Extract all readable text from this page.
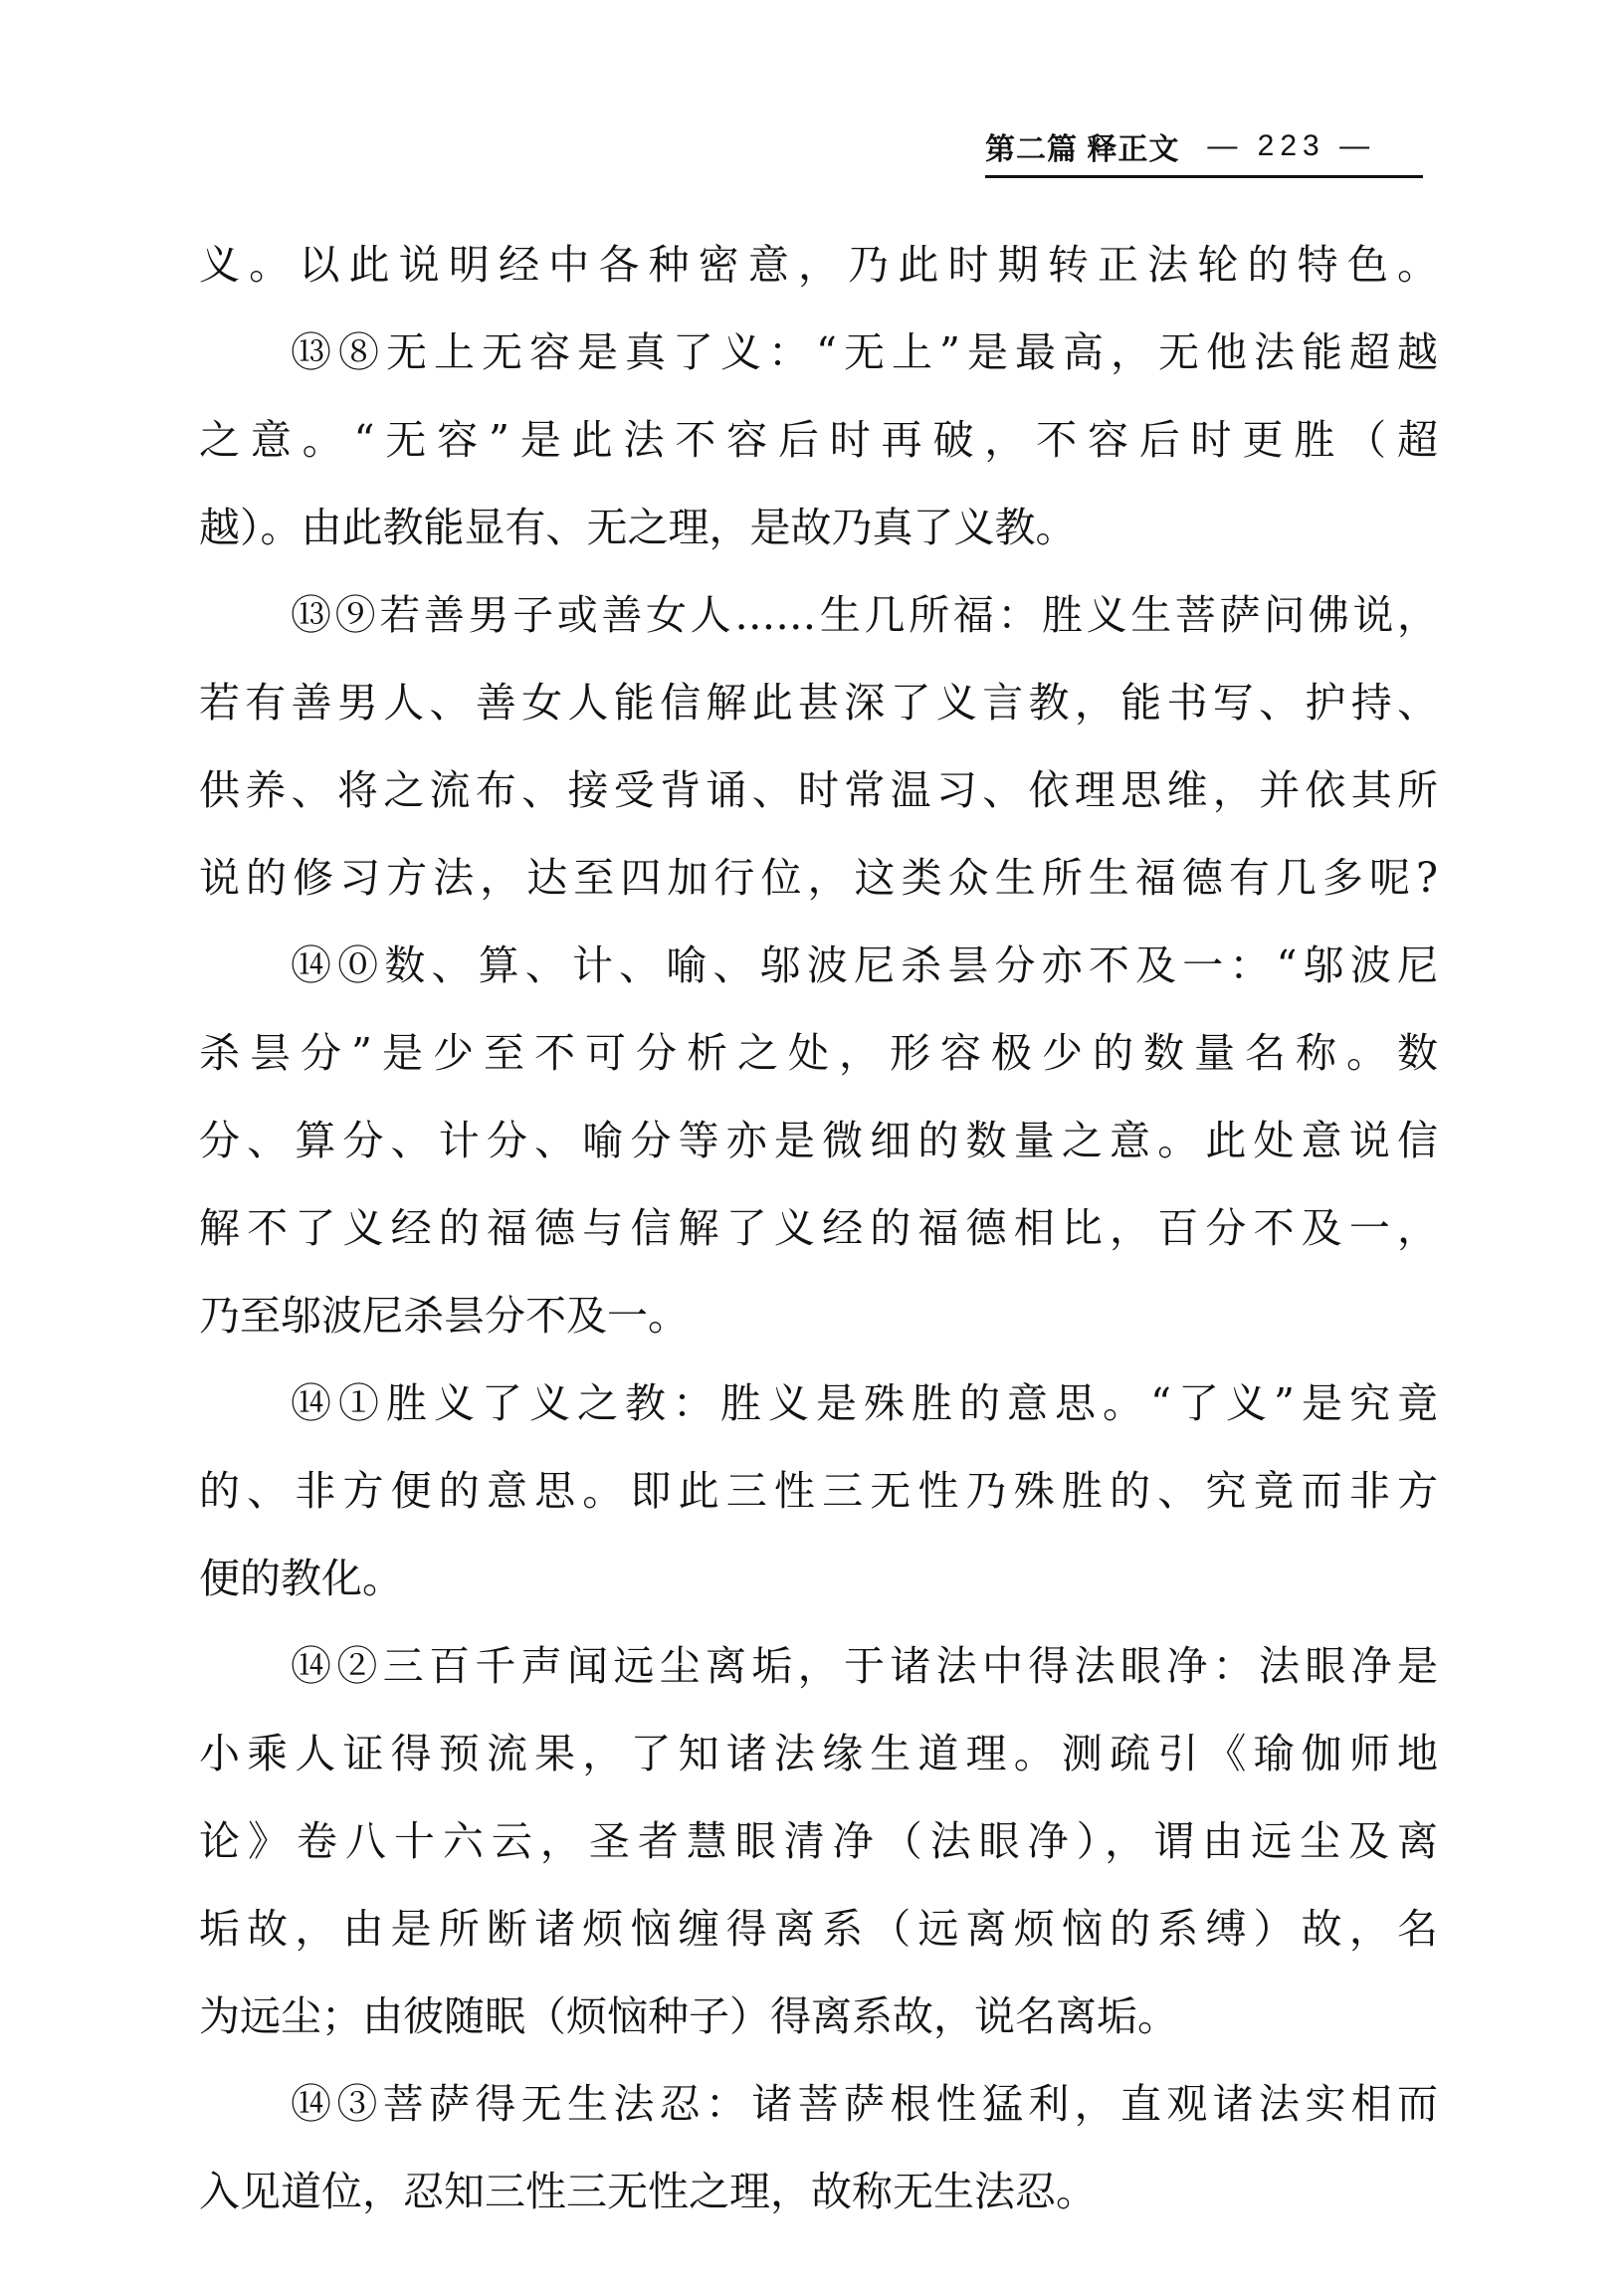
第二篇 释正文 — 223 —
义。以此说明经中各种密意，乃此时期转正法轮的特色。
⑬⑧无上无容是真了义：“无上”是最高，无他法能超越
之意。“无容”是此法不容后时再破，不容后时更胜（超
越）。由此教能显有、无之理，是故乃真了义教。
⑬⑨若善男子或善女人……生几所福：胜义生菩萨问佛说，
若有善男人、善女人能信解此甚深了义言教，能书写、护持、
供养、将之流布、接受背诵、时常温习、依理思维，并依其所
说的修习方法，达至四加行位，这类众生所生福德有几多呢?
⑭⓪数、算、计、喻、邬波尼杀昙分亦不及一：“邬波尼
杀昙分”是少至不可分析之处，形容极少的数量名称。数
分、算分、计分、喻分等亦是微细的数量之意。此处意说信
解不了义经的福德与信解了义经的福德相比，百分不及一，
乃至邬波尼杀昙分不及一。
⑭①胜义了义之教：胜义是殊胜的意思。“了义”是究竟
的、非方便的意思。即此三性三无性乃殊胜的、究竟而非方
便的教化。
⑭②三百千声闻远尘离垢，于诸法中得法眼净：法眼净是
小乘人证得预流果，了知诸法缘生道理。测疏引《瑜伽师地
论》卷八十六云，圣者慧眼清净（法眼净），谓由远尘及离
垢故，由是所断诸烦恼缠得离系（远离烦恼的系缚）故，名
为远尘；由彼随眠（烦恼种子）得离系故，说名离垢。
⑭③菩萨得无生法忍：诸菩萨根性猛利，直观诸法实相而
入见道位，忍知三性三无性之理，故称无生法忍。
